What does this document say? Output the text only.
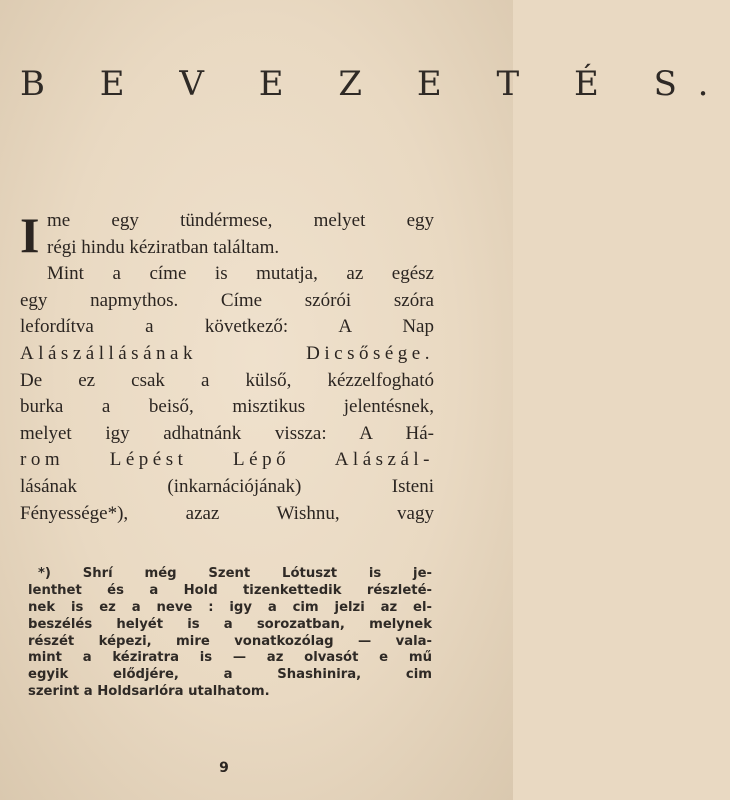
B E V E Z E T É S.
I me egy tündérmese, melyet egy
régi hindu kéziratban találtam.
Mint a címe is mutatja, az egész
egy napmythos. Címe szórói szóra
lefordítva a következő: A Nap
Alászállásának Dicsősége.
De ez csak a külső, kézzelfogható
burka a beiső, misztikus jelentésnek,
melyet igy adhatnánk vissza: A Há-
rom Lépést Lépő Alászál-
lásának (inkarnációjának) Isteni
Fényessége*), azaz Wishnu, vagy
*) Shrí még Szent Lótuszt is je-
lenthet és a Hold tizenkettedik részleté-
nek is ez a neve : igy a cim jelzi az el-
beszélés helyét is a sorozatban, melynek
részét képezi, mire vonatkozólag — vala-
mint a kéziratra is — az olvasót e mű
egyik elődjére, a Shashinira, cim
szerint a Holdsarlóra utalhatom.
9
